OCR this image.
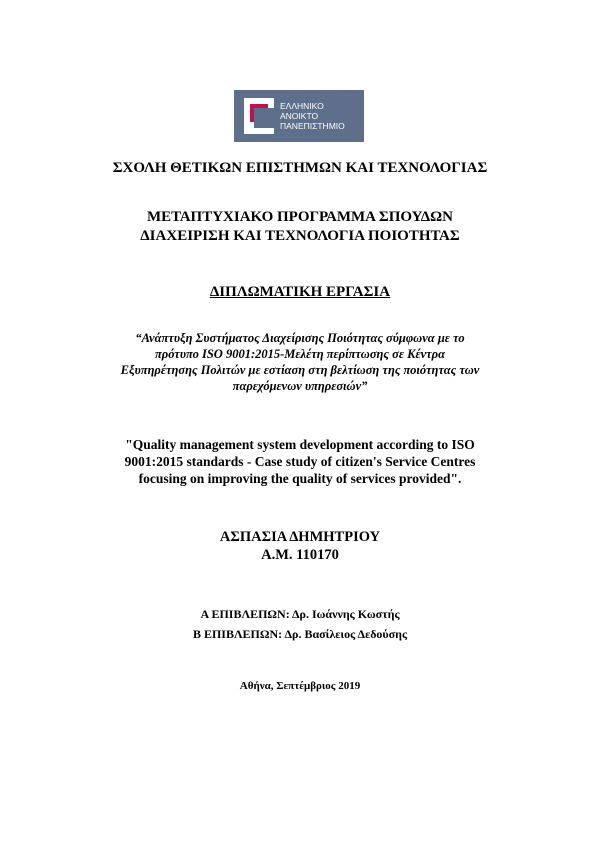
ΕΛΛΗΝΙΚΟ
ΑΝΟΙΚΤΟ
ΠΑΝΕΠΙΣΤΗΜΙΟ
ΣΧΟΛΗ ΘΕΤΙΚΩΝ ΕΠΙΣΤΗΜΩΝ ΚΑΙ ΤΕΧΝΟΛΟΓΙΑΣ
ΜΕΤΑΠΤΥΧΙΑΚΟ ΠΡΟΓΡΑΜΜΑ ΣΠΟΥΔΩΝ
ΔΙΑΧΕΙΡΙΣΗ ΚΑΙ ΤΕΧΝΟΛΟΓΙΑ ΠΟΙΟΤΗΤΑΣ
ΔΙΠΛΩΜΑΤΙΚΗ ΕΡΓΑΣΙΑ
“Ανάπτυξη Συστήματος Διαχείρισης Ποιότητας σύμφωνα με το
πρότυπο ISO 9001:2015-Μελέτη περίπτωσης σε Κέντρα
Εξυπηρέτησης Πολιτών με εστίαση στη βελτίωση της ποιότητας των
παρεχόμενων υπηρεσιών”
"Quality management system development according to ISO
9001:2015 standards - Case study of citizen's Service Centres
focusing on improving the quality of services provided".
ΑΣΠΑΣΙΑ ΔΗΜΗΤΡΙΟΥ
Α.Μ. 110170
Α ΕΠΙΒΛΕΠΩΝ: Δρ. Ιωάννης Κωστής
Β ΕΠΙΒΛΕΠΩΝ: Δρ. Βασίλειος Δεδούσης
Αθήνα, Σεπτέμβριος 2019
